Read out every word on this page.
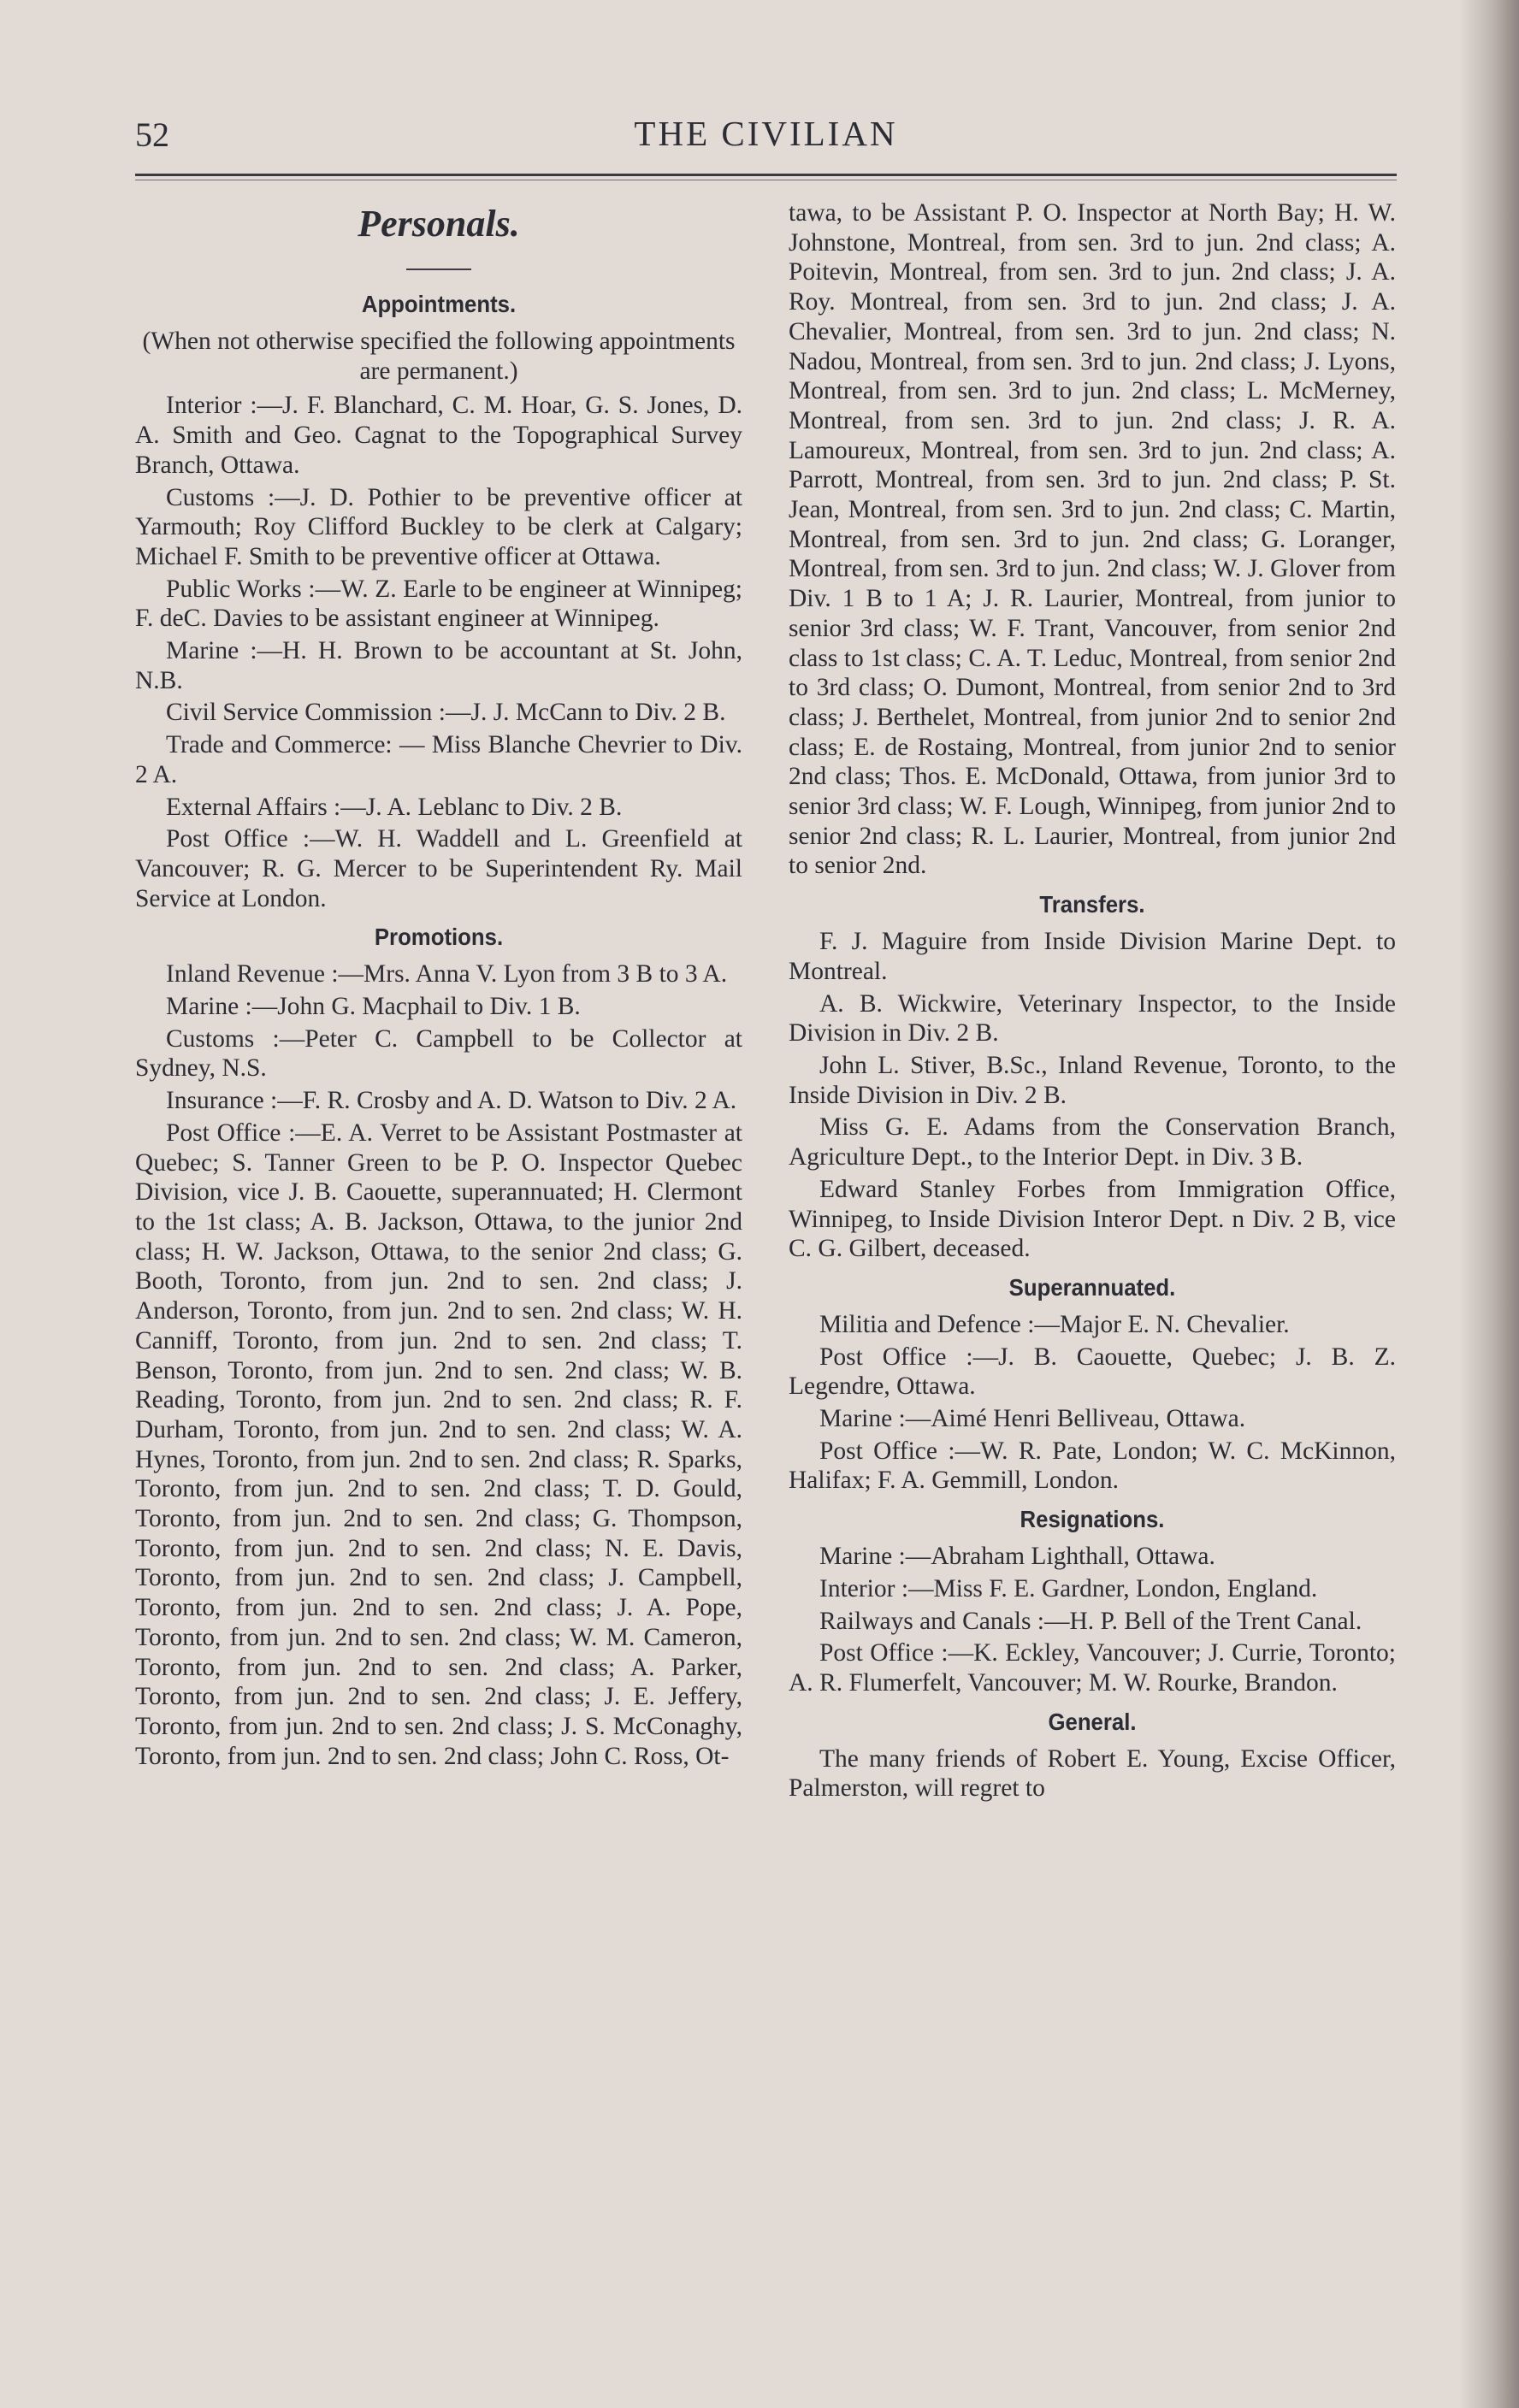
52	THE CIVILIAN
Personals.
Appointments.

(When not otherwise specified the following appointments are permanent.)

Interior :—J. F. Blanchard, C. M. Hoar, G. S. Jones, D. A. Smith and Geo. Cagnat to the Topographical Survey Branch, Ottawa.

Customs :—J. D. Pothier to be preventive officer at Yarmouth; Roy Clifford Buckley to be clerk at Calgary; Michael F. Smith to be preventive officer at Ottawa.

Public Works :—W. Z. Earle to be engineer at Winnipeg; F. deC. Davies to be assistant engineer at Winnipeg.

Marine :—H. H. Brown to be accountant at St. John, N.B.

Civil Service Commission :—J. J. McCann to Div. 2 B.

Trade and Commerce: — Miss Blanche Chevrier to Div. 2 A.

External Affairs :—J. A. Leblanc to Div. 2 B.

Post Office :—W. H. Waddell and L. Greenfield at Vancouver; R. G. Mercer to be Superintendent Ry. Mail Service at London.

Promotions.

Inland Revenue :—Mrs. Anna V. Lyon from 3 B to 3 A.

Marine :—John G. Macphail to Div. 1 B.

Customs :—Peter C. Campbell to be Collector at Sydney, N.S.

Insurance :—F. R. Crosby and A. D. Watson to Div. 2 A.

Post Office :—E. A. Verret to be Assistant Postmaster at Quebec; S. Tanner Green to be P. O. Inspector Quebec Division, vice J. B. Caouette, superannuated; H. Clermont to the 1st class; A. B. Jackson, Ottawa, to the junior 2nd class; H. W. Jackson, Ottawa, to the senior 2nd class; G. Booth, Toronto, from jun. 2nd to sen. 2nd class; J. Anderson, Toronto, from jun. 2nd to sen. 2nd class; W. H. Canniff, Toronto, from jun. 2nd to sen. 2nd class; T. Benson, Toronto, from jun. 2nd to sen. 2nd class; W. B. Reading, Toronto, from jun. 2nd to sen. 2nd class; R. F. Durham, Toronto, from jun. 2nd to sen. 2nd class; W. A. Hynes, Toronto, from jun. 2nd to sen. 2nd class; R. Sparks, Toronto, from jun. 2nd to sen. 2nd class; T. D. Gould, Toronto, from jun. 2nd to sen. 2nd class; G. Thompson, Toronto, from jun. 2nd to sen. 2nd class; N. E. Davis, Toronto, from jun. 2nd to sen. 2nd class; J. Campbell, Toronto, from jun. 2nd to sen. 2nd class; J. A. Pope, Toronto, from jun. 2nd to sen. 2nd class; W. M. Cameron, Toronto, from jun. 2nd to sen. 2nd class; A. Parker, Toronto, from jun. 2nd to sen. 2nd class; J. E. Jeffery, Toronto, from jun. 2nd to sen. 2nd class; J. S. McConaghy, Toronto, from jun. 2nd to sen. 2nd class; John C. Ross, Ot-

tawa, to be Assistant P. O. Inspector at North Bay; H. W. Johnstone, Montreal, from sen. 3rd to jun. 2nd class; A. Poitevin, Montreal, from sen. 3rd to jun. 2nd class; J. A. Roy. Montreal, from sen. 3rd to jun. 2nd class; J. A. Chevalier, Montreal, from sen. 3rd to jun. 2nd class; N. Nadou, Montreal, from sen. 3rd to jun. 2nd class; J. Lyons, Montreal, from sen. 3rd to jun. 2nd class; L. McMerney, Montreal, from sen. 3rd to jun. 2nd class; J. R. A. Lamoureux, Montreal, from sen. 3rd to jun. 2nd class; A. Parrott, Montreal, from sen. 3rd to jun. 2nd class; P. St. Jean, Montreal, from sen. 3rd to jun. 2nd class; C. Martin, Montreal, from sen. 3rd to jun. 2nd class; G. Loranger, Montreal, from sen. 3rd to jun. 2nd class; W. J. Glover from Div. 1 B to 1 A; J. R. Laurier, Montreal, from junior to senior 3rd class; W. F. Trant, Vancouver, from senior 2nd class to 1st class; C. A. T. Leduc, Montreal, from senior 2nd to 3rd class; O. Dumont, Montreal, from senior 2nd to 3rd class; J. Berthelet, Montreal, from junior 2nd to senior 2nd class; E. de Rostaing, Montreal, from junior 2nd to senior 2nd class; Thos. E. McDonald, Ottawa, from junior 3rd to senior 3rd class; W. F. Lough, Winnipeg, from junior 2nd to senior 2nd class; R. L. Laurier, Montreal, from junior 2nd to senior 2nd.

Transfers.

F. J. Maguire from Inside Division Marine Dept. to Montreal.

A. B. Wickwire, Veterinary Inspector, to the Inside Division in Div. 2 B.

John L. Stiver, B.Sc., Inland Revenue, Toronto, to the Inside Division in Div. 2 B.

Miss G. E. Adams from the Conservation Branch, Agriculture Dept., to the Interior Dept. in Div. 3 B.

Edward Stanley Forbes from Immigration Office, Winnipeg, to Inside Division Interor Dept. n Div. 2 B, vice C. G. Gilbert, deceased.

Superannuated.

Militia and Defence :—Major E. N. Chevalier.

Post Office :—J. B. Caouette, Quebec; J. B. Z. Legendre, Ottawa.

Marine :—Aimé Henri Belliveau, Ottawa.

Post Office :—W. R. Pate, London; W. C. McKinnon, Halifax; F. A. Gemmill, London.

Resignations.

Marine :—Abraham Lighthall, Ottawa.

Interior :—Miss F. E. Gardner, London, England.

Railways and Canals :—H. P. Bell of the Trent Canal.

Post Office :—K. Eckley, Vancouver; J. Currie, Toronto; A. R. Flumerfelt, Vancouver; M. W. Rourke, Brandon.

General.

The many friends of Robert E. Young, Excise Officer, Palmerston, will regret to
